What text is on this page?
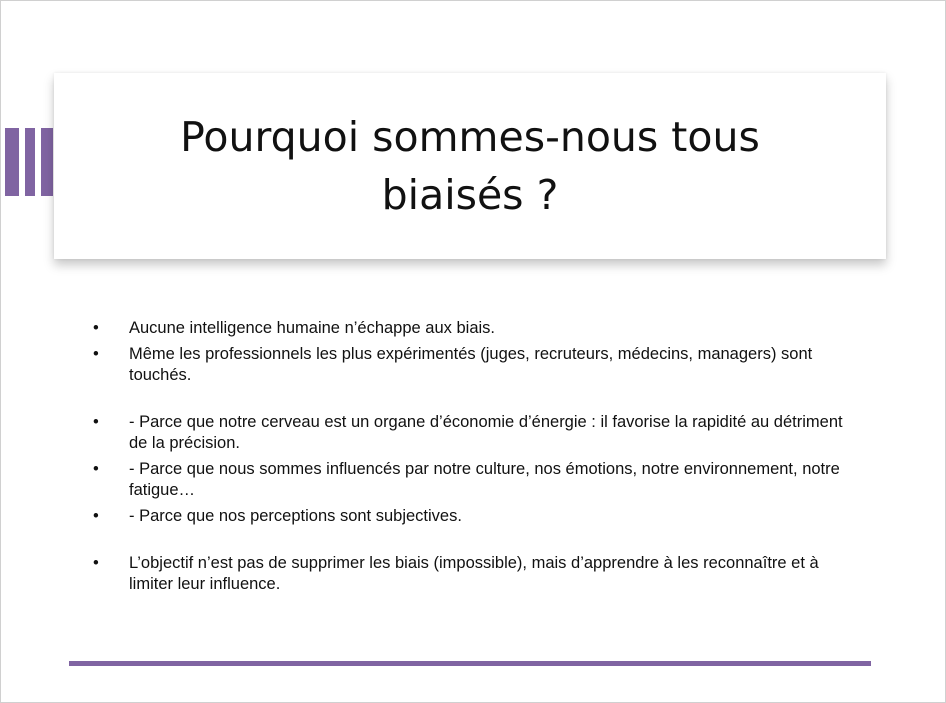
Pourquoi sommes-nous tous biaisés ?
• Aucune intelligence humaine n’échappe aux biais.
• Même les professionnels les plus expérimentés (juges, recruteurs, médecins, managers) sont touchés.
• - Parce que notre cerveau est un organe d’économie d’énergie : il favorise la rapidité au détriment de la précision.
• - Parce que nous sommes influencés par notre culture, nos émotions, notre environnement, notre fatigue…
• - Parce que nos perceptions sont subjectives.
• L’objectif n’est pas de supprimer les biais (impossible), mais d’apprendre à les reconnaître et à limiter leur influence.
